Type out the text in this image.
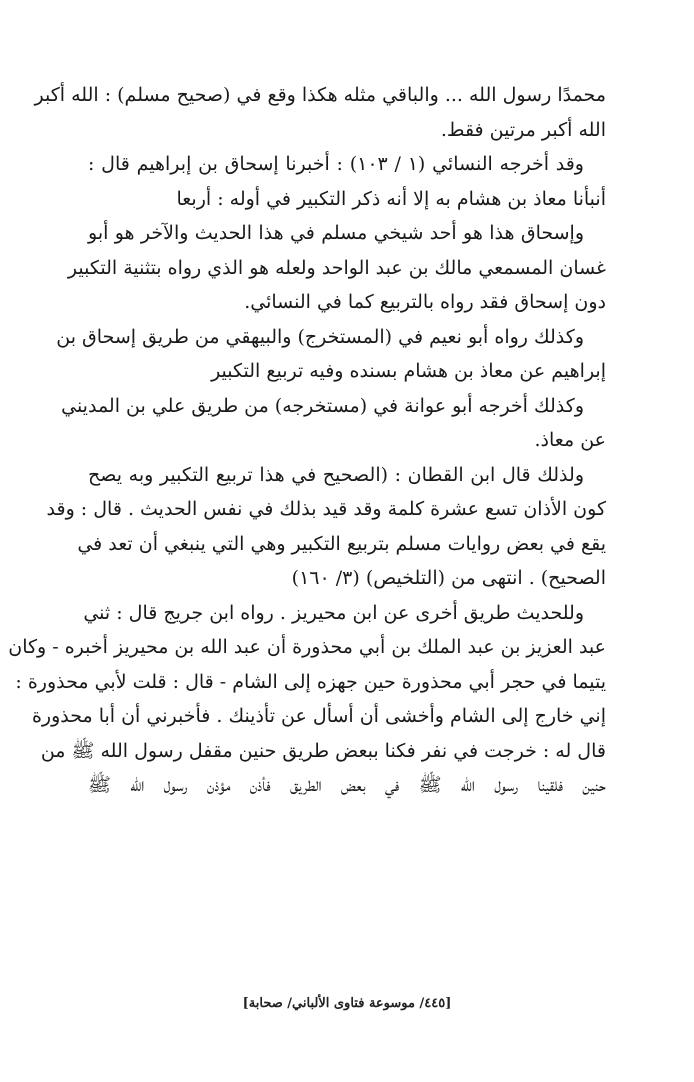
محمدًا رسول الله ... والباقي مثله هكذا وقع في (صحيح مسلم) : الله أكبر
الله أكبر مرتين فقط.
وقد أخرجه النسائي (١ / ١٠٣) : أخبرنا إسحاق بن إبراهيم قال :
أنبأنا معاذ بن هشام به إلا أنه ذكر التكبير في أوله : أربعا
وإسحاق هذا هو أحد شيخي مسلم في هذا الحديث والآخر هو أبو
غسان المسمعي مالك بن عبد الواحد ولعله هو الذي رواه بتثنية التكبير
دون إسحاق فقد رواه بالتربيع كما في النسائي.
وكذلك رواه أبو نعيم في (المستخرج) والبيهقي من طريق إسحاق بن
إبراهيم عن معاذ بن هشام بسنده وفيه تربيع التكبير
وكذلك أخرجه أبو عوانة في (مستخرجه) من طريق علي بن المديني
عن معاذ.
ولذلك قال ابن القطان : (الصحيح في هذا تربيع التكبير وبه يصح
كون الأذان تسع عشرة كلمة وقد قيد بذلك في نفس الحديث . قال : وقد
يقع في بعض روايات مسلم بتربيع التكبير وهي التي ينبغي أن تعد في
الصحيح) . انتهى من (التلخيص) (٣/ ١٦٠)
وللحديث طريق أخرى عن ابن محيريز . رواه ابن جريج قال : ثني
عبد العزيز بن عبد الملك بن أبي محذورة أن عبد الله بن محيريز أخبره - وكان
يتيما في حجر أبي محذورة حين جهزه إلى الشام - قال : قلت لأبي محذورة :
إني خارج إلى الشام وأخشى أن أسأل عن تأذينك . فأخبرني أن أبا محذورة
قال له : خرجت في نفر فكنا ببعض طريق حنين مقفل رسول الله ﷺ من
حنين فلقينا رسول الله ﷺ في بعض الطريق فأذن مؤذن رسول الله ﷺ
[٤٤٥/ موسوعة فتاوى الألباني/ صحابة]
